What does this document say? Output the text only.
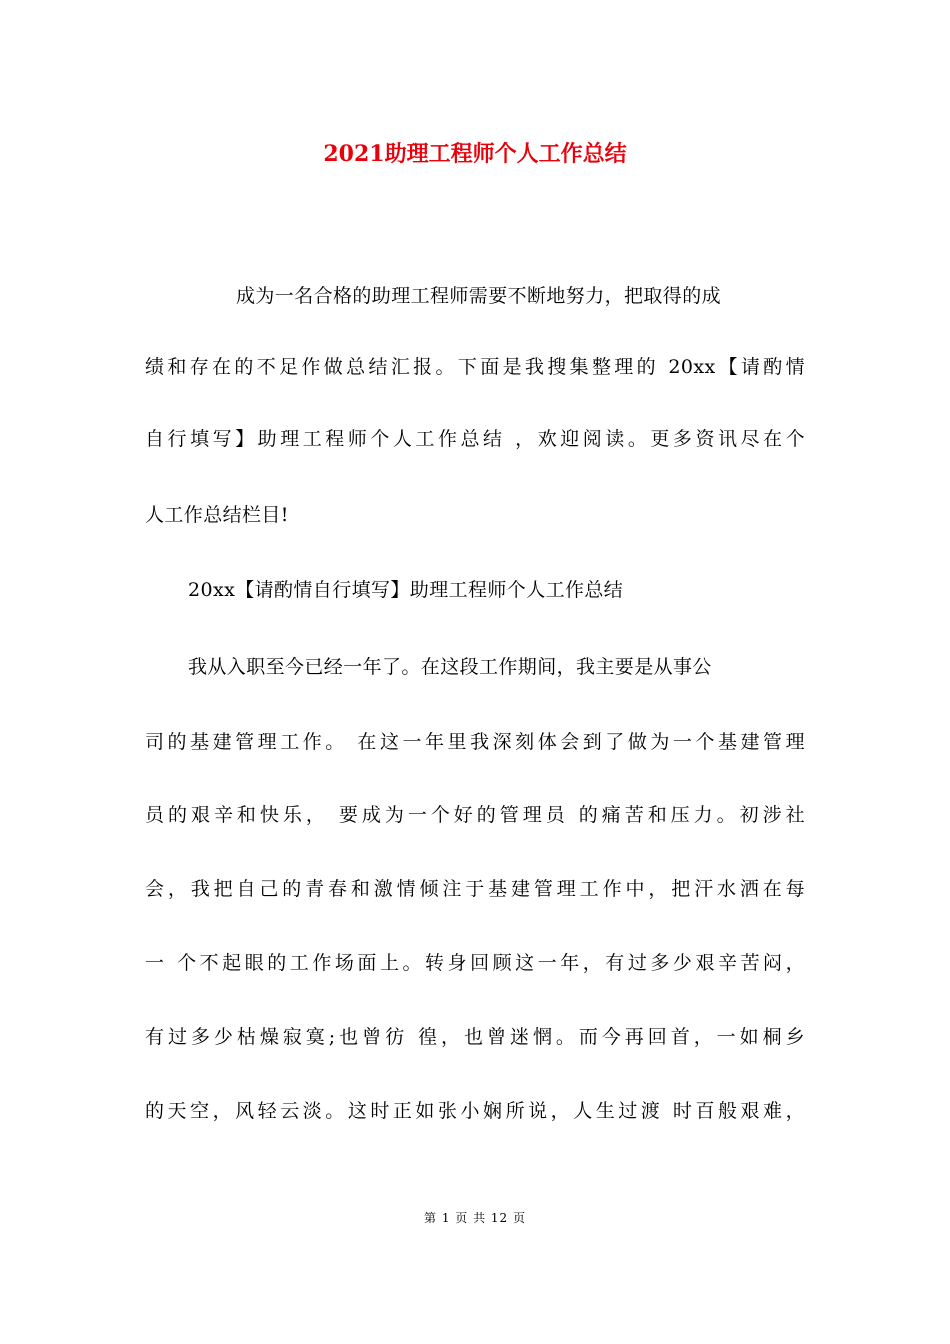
2021助理工程师个人工作总结
成为一名合格的助理工程师需要不断地努力，把取得的成
绩和存在的不足作做总结汇报。下面是我搜集整理的 20xx【请酌情
自行填写】助理工程师个人工作总结 ，欢迎阅读。更多资讯尽在个
人工作总结栏目!
20xx【请酌情自行填写】助理工程师个人工作总结
我从入职至今已经一年了。在这段工作期间，我主要是从事公
司的基建管理工作。 在这一年里我深刻体会到了做为一个基建管理
员的艰辛和快乐， 要成为一个好的管理员 的痛苦和压力。初涉社
会，我把自己的青春和激情倾注于基建管理工作中，把汗水洒在每
一 个不起眼的工作场面上。转身回顾这一年，有过多少艰辛苦闷，
有过多少枯燥寂寞;也曾彷 徨，也曾迷惘。而今再回首，一如桐乡
的天空，风轻云淡。这时正如张小娴所说，人生过渡 时百般艰难，
第 1 页 共 12 页
